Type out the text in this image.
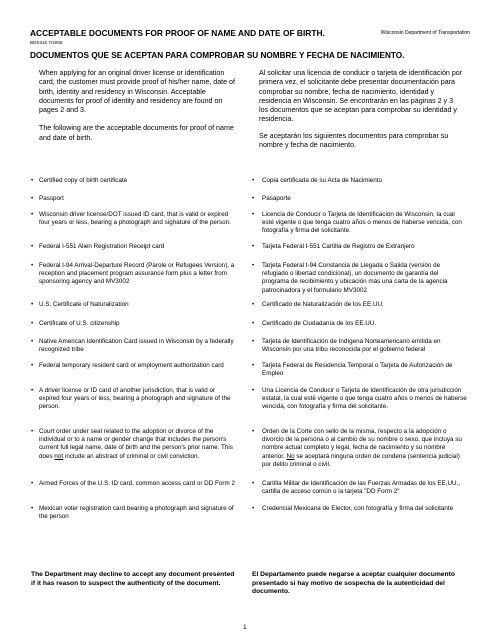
ACCEPTABLE DOCUMENTS FOR PROOF OF NAME AND DATE OF BIRTH.	Wisconsin Department of Transportation
BDS316 7/2005
DOCUMENTOS QUE SE ACEPTAN PARA COMPROBAR SU NOMBRE Y FECHA DE NACIMIENTO.

When applying for an original driver license or identification card, the customer must provide proof of his/her name, date of birth, identity and residency in Wisconsin. Acceptable documents for proof of identity and residency are found on pages 2 and 3.

The following are the acceptable documents for proof of name and date of birth.

Al solicitar una licencia de conducir o tarjeta de identificación por primera vez, el solicitante debe presentar documentación para comprobar su nombre, fecha de nacimiento, identidad y residencia en Wisconsin. Se encontrarán en las páginas 2 y 3 los documentos que se aceptan para comprobar su identidad y residencia.

Se aceptarán los siguientes documentos para comprobar su nombre y fecha de nacimiento.

• Certified copy of birth certificate
• Passport
• Wisconsin driver license/DOT issued ID card, that is valid or expired four years or less, bearing a photograph and signature of the person.
• Federal I-551 Alien Registration Receipt card
• Federal I-94 Arrival-Departure Record (Parole or Refugees Version), a reception and placement program assurance form plus a letter from sponsoring agency and MV3002
• U.S. Certificate of Naturalization
• Certificate of U.S. citizenship
• Native American Identification Card issued in Wisconsin by a federally recognized tribe
• Federal temporary resident card or employment authorization card
• A driver license or ID card of another jurisdiction, that is valid or expired four years or less, bearing a photograph and signature of the person.
• Court order under seal related to the adoption or divorce of the individual or to a name or gender change that includes the person's current full legal name, date of birth and the person's prior name. This does not include an abstract of criminal or civil conviction.
• Armed Forces of the U.S. ID card, common access card or DD Form 2
• Mexican voter registration card bearing a photograph and signature of the person
• Copia certificada de su Acta de Nacimiento
• Pasaporte
• Licencia de Conducir o Tarjeta de Identificación de Wisconsin, la cual esté vigente o que tenga cuatro años o menos de haberse vencida, con fotografía y firma del solicitante.
• Tarjeta Federal I-551 Cartilla de Registro de Extranjero
• Tarjeta Federal I-94 Constancia de Llegada o Salida (versión de refugiado o libertad condicional), un documento de garantía del programa de recibimiento y ubicación más una carta de la agencia patrocinadora y el formulario MV3002
• Certificado de Naturalización de los EE.UU.
• Certificado de Ciudadanía de los EE.UU.
• Tarjeta de Identificación de Indígena Norteamericano emitida en Wisconsin por una tribu reconocida por el gobierno federal
• Tarjeta Federal de Residencia Temporal o Tarjeta de Autorización de Empleo
• Una Licencia de Conducir o Tarjeta de Identificación de otra jurisdicción estatal, la cual esté vigente o que tenga cuatro años o menos de haberse vencida, con fotografía y firma del solicitante.
• Orden de la Corte con sello de la misma, respecto a la adopción o divorcio de la persona o al cambio de su nombre o sexo, que incluya su nombre actual completo y legal, fecha de nacimiento y su nombre anterior. No se aceptará ninguna orden de condena (sentencia judicial) por delito criminal o civil.
• Cartilla Militar de Identificación de las Fuerzas Armadas de los EE.UU., cartilla de acceso común o la tarjeta "DD Form 2"
• Credencial Mexicana de Elector, con fotografía y firma del solicitante
The Department may decline to accept any document presented if it has reason to suspect the authenticity of the document.
El Departamento puede negarse a aceptar cualquier documento presentado si hay motivo de sospecha de la autenticidad del documento.
1
